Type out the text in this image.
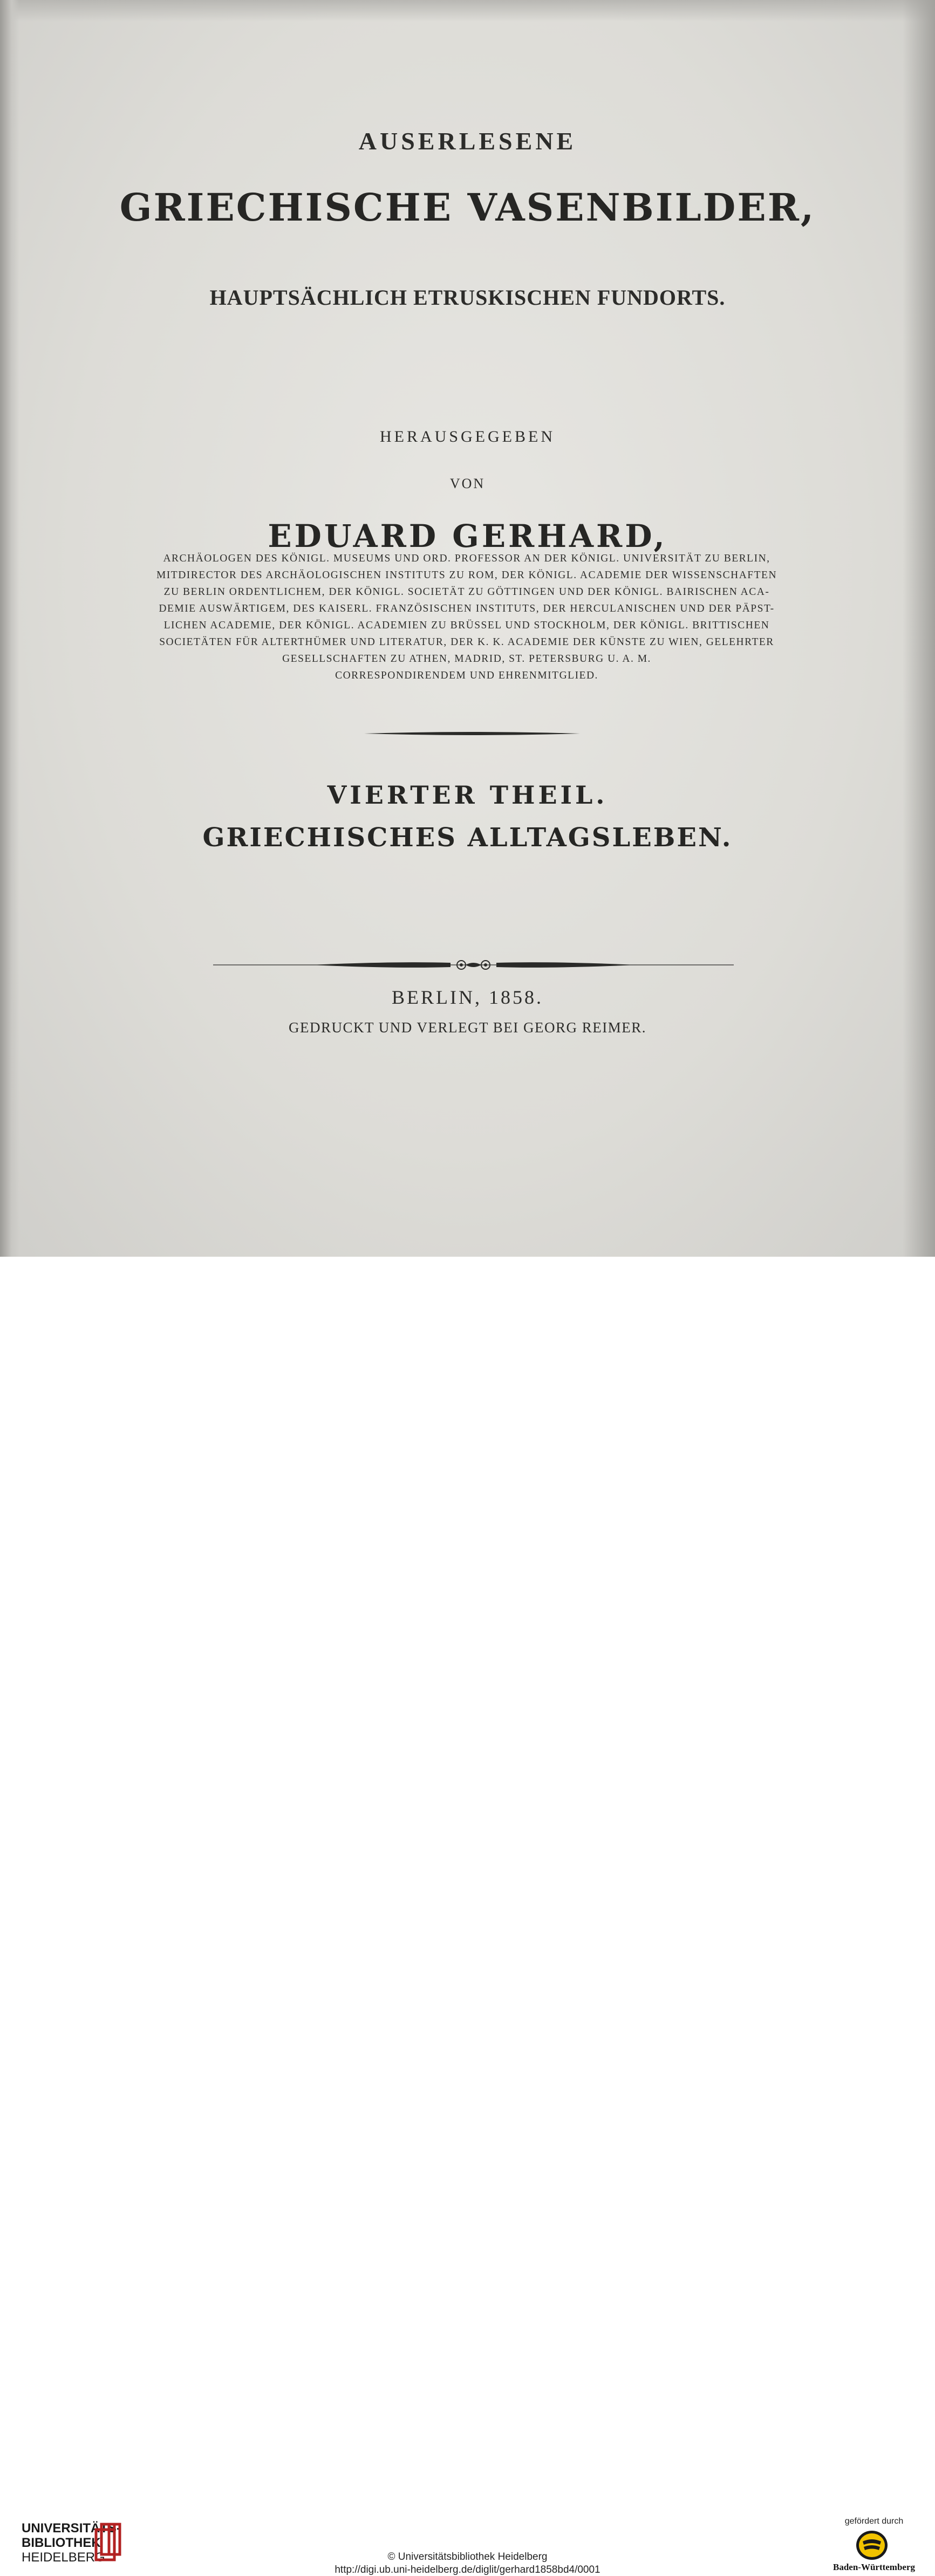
AUSERLESENE
GRIECHISCHE VASENBILDER,
HAUPTSÄCHLICH ETRUSKISCHEN FUNDORTS.
HERAUSGEGEBEN
VON
EDUARD GERHARD,
ARCHÄOLOGEN DES KÖNIGL. MUSEUMS UND ORD. PROFESSOR AN DER KÖNIGL. UNIVERSITÄT ZU BERLIN,
MITDIRECTOR DES ARCHÄOLOGISCHEN INSTITUTS ZU ROM, DER KÖNIGL. ACADEMIE DER WISSENSCHAFTEN
ZU BERLIN ORDENTLICHEM, DER KÖNIGL. SOCIETÄT ZU GÖTTINGEN UND DER KÖNIGL. BAIRISCHEN ACA-
DEMIE AUSWÄRTIGEM, DES KAISERL. FRANZÖSISCHEN INSTITUTS, DER HERCULANISCHEN UND DER PÄPST-
LICHEN ACADEMIE, DER KÖNIGL. ACADEMIEN ZU BRÜSSEL UND STOCKHOLM, DER KÖNIGL. BRITTISCHEN
SOCIETÄTEN FÜR ALTERTHÜMER UND LITERATUR, DER K. K. ACADEMIE DER KÜNSTE ZU WIEN, GELEHRTER
GESELLSCHAFTEN ZU ATHEN, MADRID, ST. PETERSBURG U. A. M.
CORRESPONDIRENDEM UND EHRENMITGLIED.
VIERTER THEIL.
GRIECHISCHES ALLTAGSLEBEN.
BERLIN, 1858.
GEDRUCKT UND VERLEGT BEI GEORG REIMER.
UNIVERSITÄTS-
BIBLIOTHEK
HEIDELBERG	© Universitätsbibliothek Heidelberg
http://digi.ub.uni-heidelberg.de/diglit/gerhard1858bd4/0001
gefördert durch
Baden-Württemberg
